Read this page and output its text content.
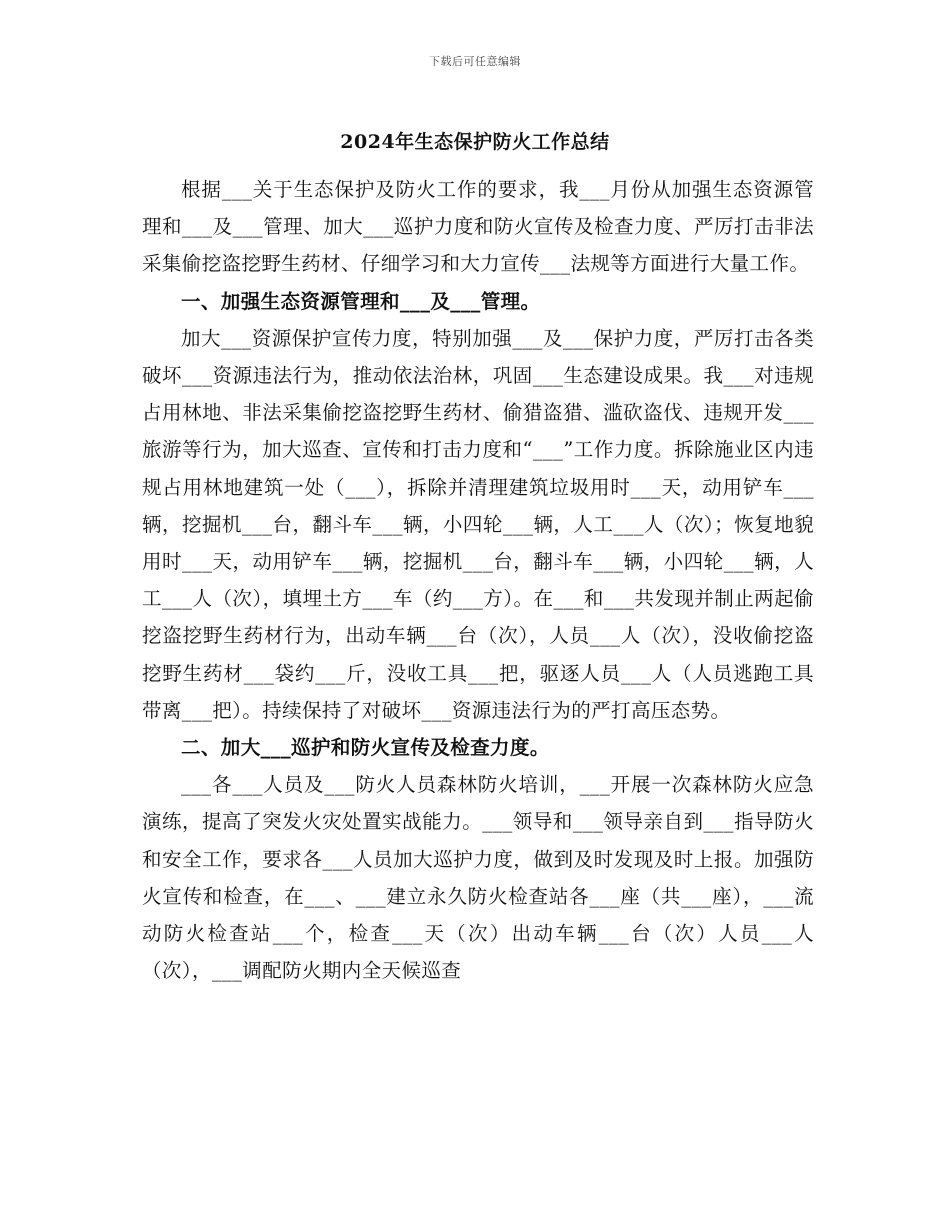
下载后可任意编辑
2024年生态保护防火工作总结

根据___关于生态保护及防火工作的要求，我___月份从加强生态资源管理和___及___管理、加大___巡护力度和防火宣传及检查力度、严厉打击非法采集偷挖盗挖野生药材、仔细学习和大力宣传___法规等方面进行大量工作。

一、加强生态资源管理和___及___管理。

加大___资源保护宣传力度，特别加强___及___保护力度，严厉打击各类破坏___资源违法行为，推动依法治林，巩固___生态建设成果。我___对违规占用林地、非法采集偷挖盗挖野生药材、偷猎盗猎、滥砍盗伐、违规开发___旅游等行为，加大巡查、宣传和打击力度和“___”工作力度。拆除施业区内违规占用林地建筑一处（___），拆除并清理建筑垃圾用时___天，动用铲车___辆，挖掘机___台，翻斗车___辆，小四轮___辆，人工___人（次）；恢复地貌用时___天，动用铲车___辆，挖掘机___台，翻斗车___辆，小四轮___辆，人工___人（次），填埋土方___车（约___方）。在___和___共发现并制止两起偷挖盗挖野生药材行为，出动车辆___台（次），人员___人（次），没收偷挖盗挖野生药材___袋约___斤，没收工具___把，驱逐人员___人（人员逃跑工具带离___把）。持续保持了对破坏___资源违法行为的严打高压态势。

二、加大___巡护和防火宣传及检查力度。

___各___人员及___防火人员森林防火培训，___开展一次森林防火应急演练，提高了突发火灾处置实战能力。___领导和___领导亲自到___指导防火和安全工作，要求各___人员加大巡护力度，做到及时发现及时上报。加强防火宣传和检查，在___、___建立永久防火检查站各___座（共___座），___流动防火检查站___个，检查___天（次）出动车辆___台（次）人员___人（次），___调配防火期内全天候巡查
